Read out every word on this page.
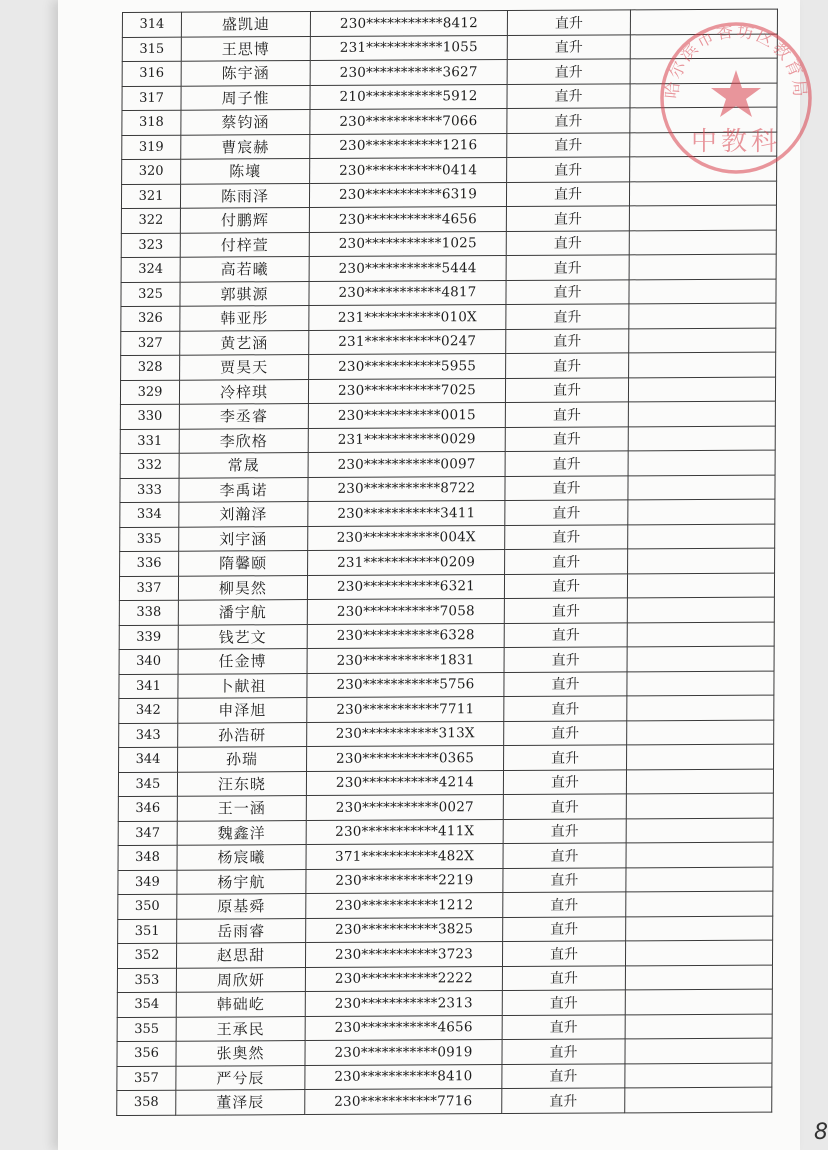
314	盛凯迪	230***********8412	直升	
315	王思博	231***********1055	直升	
316	陈宇涵	230***********3627	直升	
317	周子惟	210***********5912	直升	
318	蔡钧涵	230***********7066	直升	
319	曹宸赫	230***********1216	直升	
320	陈壤	230***********0414	直升	
321	陈雨泽	230***********6319	直升	
322	付鹏辉	230***********4656	直升	
323	付梓萱	230***********1025	直升	
324	高若曦	230***********5444	直升	
325	郭骐源	230***********4817	直升	
326	韩亚彤	231***********010X	直升	
327	黄艺涵	231***********0247	直升	
328	贾昊天	230***********5955	直升	
329	冷梓琪	230***********7025	直升	
330	李丞睿	230***********0015	直升	
331	李欣格	231***********0029	直升	
332	常晟	230***********0097	直升	
333	李禹诺	230***********8722	直升	
334	刘瀚泽	230***********3411	直升	
335	刘宇涵	230***********004X	直升	
336	隋馨颐	231***********0209	直升	
337	柳昊然	230***********6321	直升	
338	潘宇航	230***********7058	直升	
339	钱艺文	230***********6328	直升	
340	任金博	230***********1831	直升	
341	卜献祖	230***********5756	直升	
342	申泽旭	230***********7711	直升	
343	孙浩研	230***********313X	直升	
344	孙瑞	230***********0365	直升	
345	汪东晓	230***********4214	直升	
346	王一涵	230***********0027	直升	
347	魏鑫洋	230***********411X	直升	
348	杨宸曦	371***********482X	直升	
349	杨宇航	230***********2219	直升	
350	原基舜	230***********1212	直升	
351	岳雨睿	230***********3825	直升	
352	赵思甜	230***********3723	直升	
353	周欣妍	230***********2222	直升	
354	韩础屹	230***********2313	直升	
355	王承民	230***********4656	直升	
356	张奥然	230***********0919	直升	
357	严兮辰	230***********8410	直升	
358	董泽辰	230***********7716	直升	
哈尔滨市香坊区教育局
中教科
8
